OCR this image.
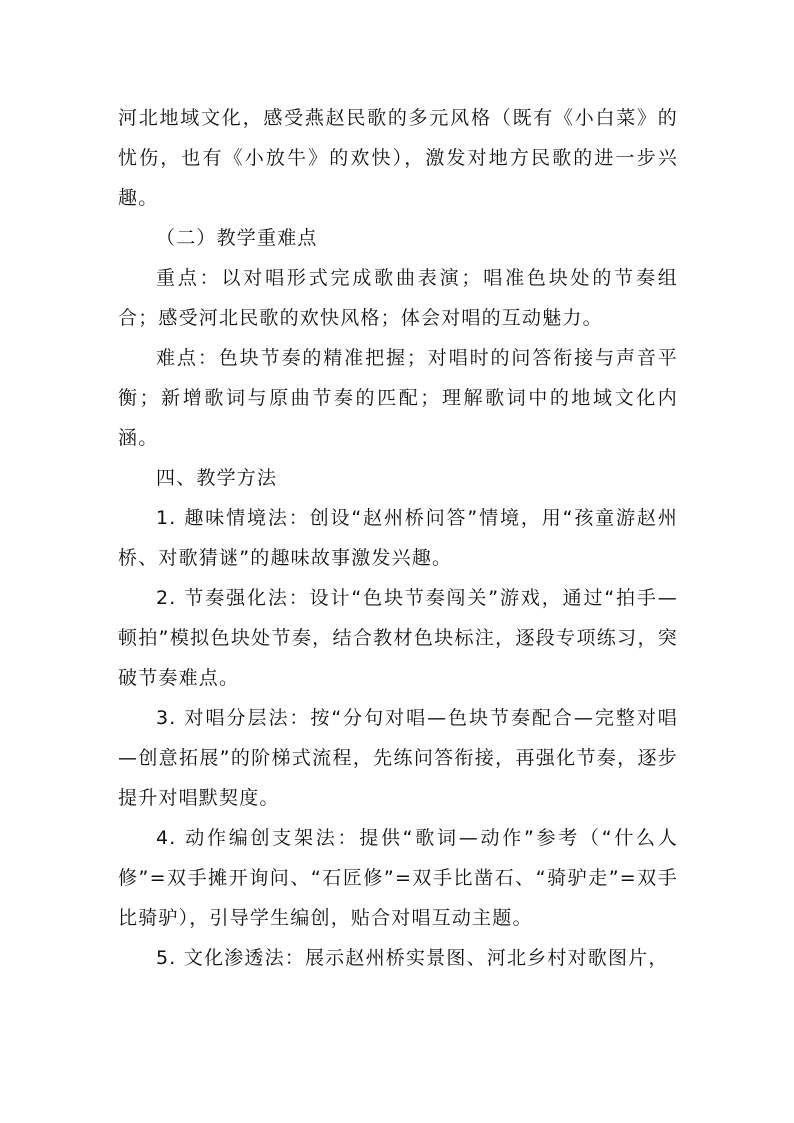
河北地域文化，感受燕赵民歌的多元风格（既有《小白菜》的忧伤，也有《小放牛》的欢快），激发对地方民歌的进一步兴趣。

（二）教学重难点

重点：以对唱形式完成歌曲表演；唱准色块处的节奏组合；感受河北民歌的欢快风格；体会对唱的互动魅力。

难点：色块节奏的精准把握；对唱时的问答衔接与声音平衡；新增歌词与原曲节奏的匹配；理解歌词中的地域文化内涵。

四、教学方法

1. 趣味情境法：创设“赵州桥问答”情境，用“孩童游赵州桥、对歌猜谜”的趣味故事激发兴趣。

2. 节奏强化法：设计“色块节奏闯关”游戏，通过“拍手—顿拍”模拟色块处节奏，结合教材色块标注，逐段专项练习，突破节奏难点。

3. 对唱分层法：按“分句对唱—色块节奏配合—完整对唱—创意拓展”的阶梯式流程，先练问答衔接，再强化节奏，逐步提升对唱默契度。

4. 动作编创支架法：提供“歌词—动作”参考（“什么人修”=双手摊开询问、“石匠修”=双手比凿石、“骑驴走”=双手比骑驴），引导学生编创，贴合对唱互动主题。

5. 文化渗透法：展示赵州桥实景图、河北乡村对歌图片，
